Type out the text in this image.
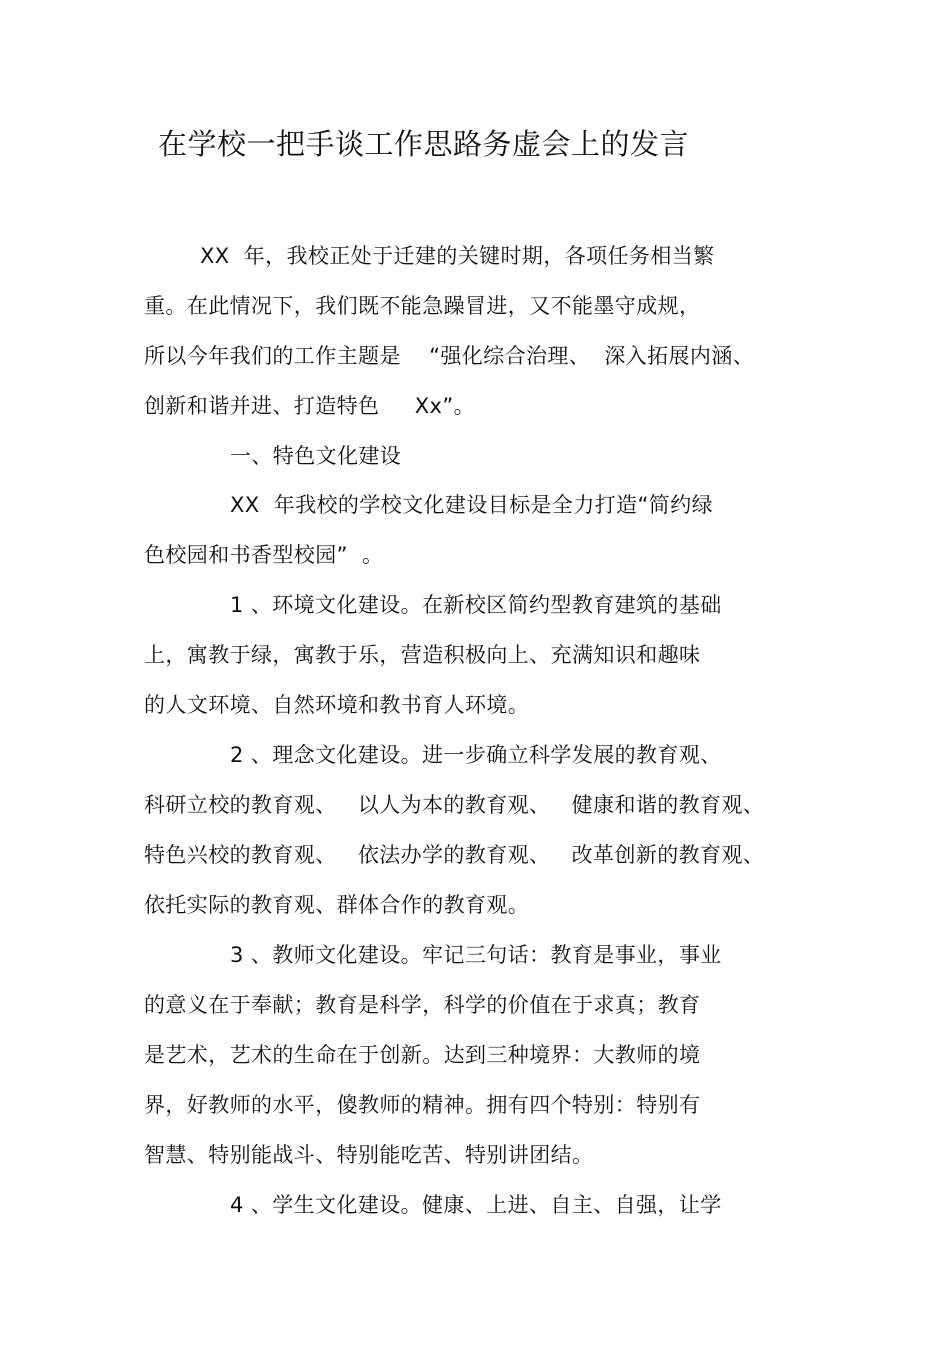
在学校一把手谈工作思路务虚会上的发言

XX  年，我校正处于迁建的关键时期，各项任务相当繁

重。在此情况下，我们既不能急躁冒进，又不能墨守成规，

所以今年我们的工作主题是    “强化综合治理、  深入拓展内涵、

创新和谐并进、打造特色     Xx”。

一、特色文化建设

XX  年我校的学校文化建设目标是全力打造“简约绿

色校园和书香型校园”  。

1 、环境文化建设。在新校区简约型教育建筑的基础

上，寓教于绿，寓教于乐，营造积极向上、充满知识和趣味

的人文环境、自然环境和教书育人环境。

2 、理念文化建设。进一步确立科学发展的教育观、

科研立校的教育观、   以人为本的教育观、   健康和谐的教育观、

特色兴校的教育观、   依法办学的教育观、   改革创新的教育观、

依托实际的教育观、群体合作的教育观。

3 、教师文化建设。牢记三句话：教育是事业，事业

的意义在于奉献；教育是科学，科学的价值在于求真；教育

是艺术，艺术的生命在于创新。达到三种境界：大教师的境

界，好教师的水平，傻教师的精神。拥有四个特别：特别有

智慧、特别能战斗、特别能吃苦、特别讲团结。

4 、学生文化建设。健康、上进、自主、自强，让学
